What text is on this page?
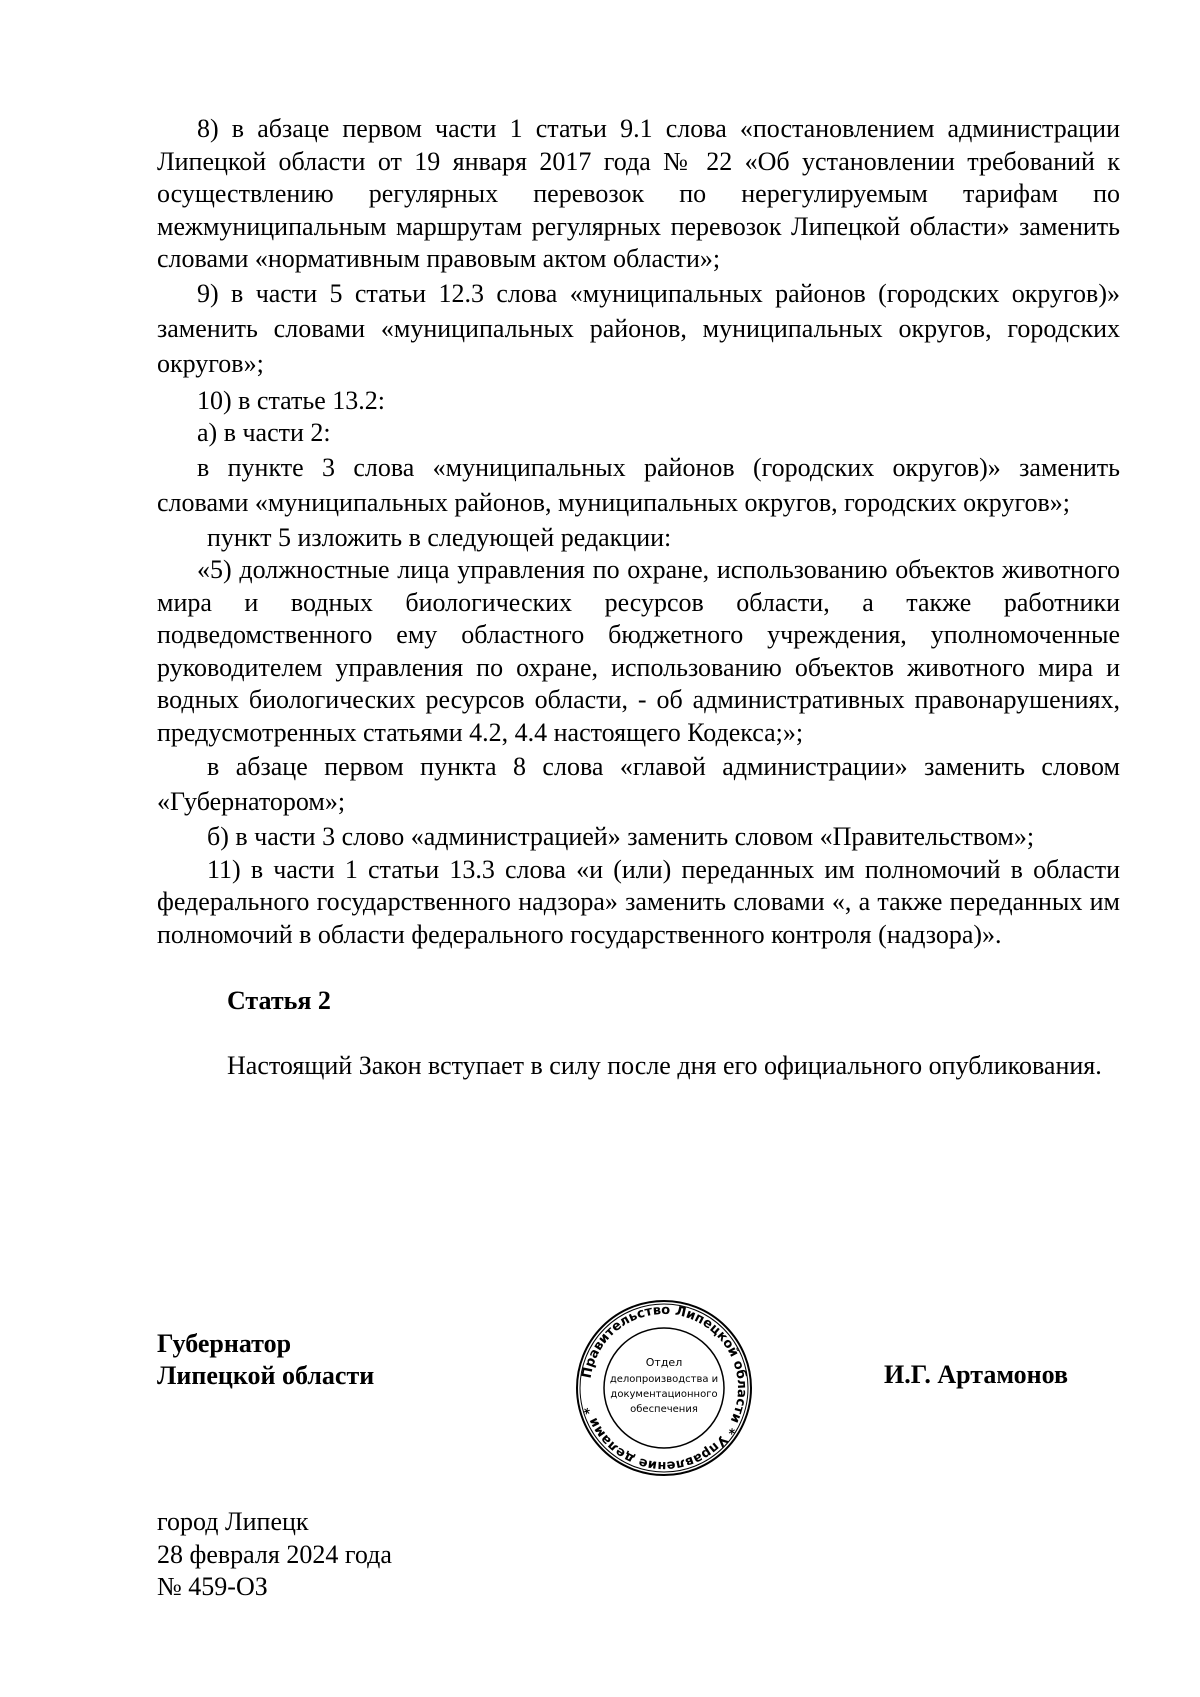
8) в абзаце первом части 1 статьи 9.1 слова «постановлением администрации Липецкой области от 19 января 2017 года № 22 «Об установлении требований к осуществлению регулярных перевозок по нерегулируемым тарифам по межмуниципальным маршрутам регулярных перевозок Липецкой области» заменить словами «нормативным правовым актом области»;

9) в части 5 статьи 12.3 слова «муниципальных районов (городских округов)» заменить словами «муниципальных районов, муниципальных округов, городских округов»;

10) в статье 13.2:

а) в части 2:

в пункте 3 слова «муниципальных районов (городских округов)» заменить словами «муниципальных районов, муниципальных округов, городских округов»;

пункт 5 изложить в следующей редакции:

«5) должностные лица управления по охране, использованию объектов животного мира и водных биологических ресурсов области, а также работники подведомственного ему областного бюджетного учреждения, уполномоченные руководителем управления по охране, использованию объектов животного мира и водных биологических ресурсов области, - об административных правонарушениях, предусмотренных статьями 4.2, 4.4 настоящего Кодекса;»;

в абзаце первом пункта 8 слова «главой администрации» заменить словом «Губернатором»;

б) в части 3 слово «администрацией» заменить словом «Правительством»;

11) в части 1 статьи 13.3 слова «и (или) переданных им полномочий в области федерального государственного надзора» заменить словами «, а также переданных им полномочий в области федерального государственного контроля (надзора)».

Статья 2

Настоящий Закон вступает в силу после дня его официального опубликования.

Губернатор
Липецкой области	Правительство Липецкой области * Управление делами *
Отдел
делопроизводства и
документационного
обеспечения
И.Г. Артамонов
город Липецк
28 февраля 2024 года
№ 459-ОЗ
